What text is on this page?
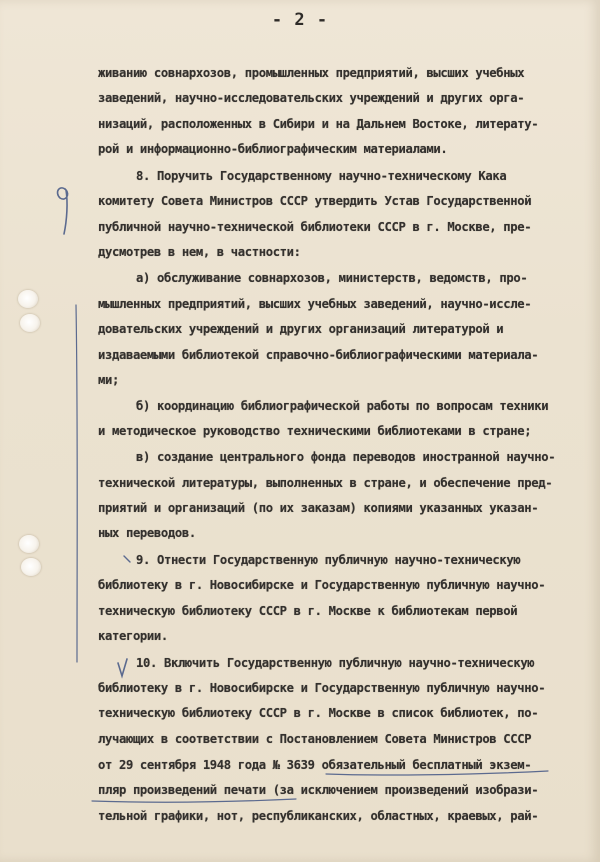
- 2 -
живанию совнархозов, промышленных предприятий, высших учебных
заведений, научно-исследовательских учреждений и других орга-
низаций, расположенных в Сибири и на Дальнем Востоке, литерату-
рой и информационно-библиографическим материалами.
8. Поручить Государственному научно-техническому Кака
комитету Совета Министров СССР утвердить Устав Государственной
публичной научно-технической библиотеки СССР в г. Москве, пре-
дусмотрев в нем, в частности:
а) обслуживание совнархозов, министерств, ведомств, про-
мышленных предприятий, высших учебных заведений, научно-иссле-
довательских учреждений и других организаций литературой и
издаваемыми библиотекой справочно-библиографическими материала-
ми;
б) координацию библиографической работы по вопросам техники
и методическое руководство техническими библиотеками в стране;
в) создание центрального фонда переводов иностранной научно-
технической литературы, выполненных в стране, и обеспечение пред-
приятий и организаций (по их заказам) копиями указанных указан-
ных переводов.
9. Отнести Государственную публичную научно-техническую
библиотеку в г. Новосибирске и Государственную публичную научно-
техническую библиотеку СССР в г. Москве к библиотекам первой
категории.
10. Включить Государственную публичную научно-техническую
библиотеку в г. Новосибирске и Государственную публичную научно-
техническую библиотеку СССР в г. Москве в список библиотек, по-
лучающих в соответствии с Постановлением Совета Министров СССР
от 29 сентября 1948 года № 3639 обязательный бесплатный экзем-
пляр произведений печати (за исключением произведений изобрази-
тельной графики, нот, республиканских, областных, краевых, рай-
